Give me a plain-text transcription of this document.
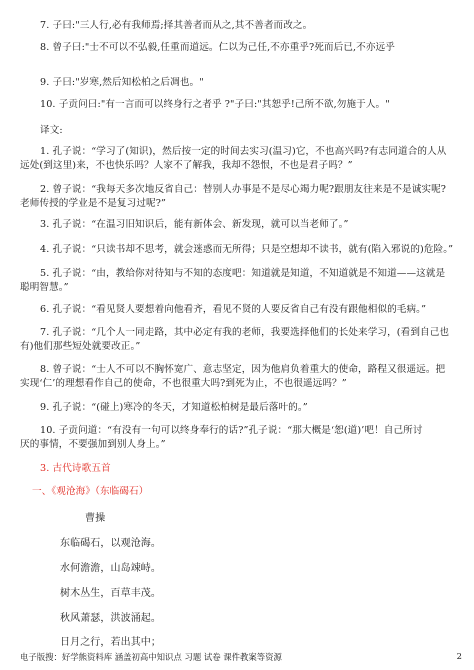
7. 子曰:"三人行,必有我师焉;择其善者而从之,其不善者而改之。
8. 曾子曰:"士不可以不弘毅,任重而道远。仁以为己任,不亦重乎?死而后已,不亦远乎
9. 子曰:"岁寒,然后知松柏之后凋也。"
10. 子贡问曰:"有一言而可以终身行之者乎 ?"子曰:"其恕乎!己所不欲,勿施于人。"
译文:
1. 孔子说：“学习了(知识)，然后按一定的时间去实习(温习)它，不也高兴吗?有志同道合的人从
远处(到这里)来，不也快乐吗？人家不了解我，我却不怨恨，不也是君子吗？”
2. 曾子说：“我每天多次地反省自己：替别人办事是不是尽心竭力呢?跟朋友往来是不是诚实呢?
老师传授的学业是不是复习过呢?”
3. 孔子说：“在温习旧知识后，能有新体会、新发现，就可以当老师了。”
4. 孔子说：“只读书却不思考，就会迷惑而无所得；只是空想却不读书，就有(陷入邪说的)危险。”
5. 孔子说：“由，教给你对待知与不知的态度吧：知道就是知道，不知道就是不知道——这就是
聪明智慧。”
6. 孔子说：“看见贤人要想着向他看齐，看见不贤的人要反省自己有没有跟他相似的毛病。”
7. 孔子说：“几个人一同走路，其中必定有我的老师，我要选择他们的长处来学习，(看到自己也
有)他们那些短处就要改正。”
8. 曾子说：“士人不可以不胸怀宽广、意志坚定，因为他肩负着重大的使命，路程又很遥远。把
实现‘仁’的理想看作自己的使命，不也很重大吗?到死为止，不也很遥远吗？”
9. 孔子说：“(碰上)寒冷的冬天，才知道松柏树是最后落叶的。”
10. 子贡问道：“有没有一句可以终身奉行的话?”孔子说：“那大概是‘恕(道)’吧！自己所讨
厌的事情，不要强加到别人身上。”
3. 古代诗歌五首
一、《观沧海》（东临碣石）
曹操
东临碣石，以观沧海。
水何澹澹，山岛竦峙。
树木丛生，百草丰茂。
秋风萧瑟，洪波涌起。
日月之行，若出其中；
电子版搜：好学熊资料库 涵盖初高中知识点 习题 试卷 课件教案等资源	2
